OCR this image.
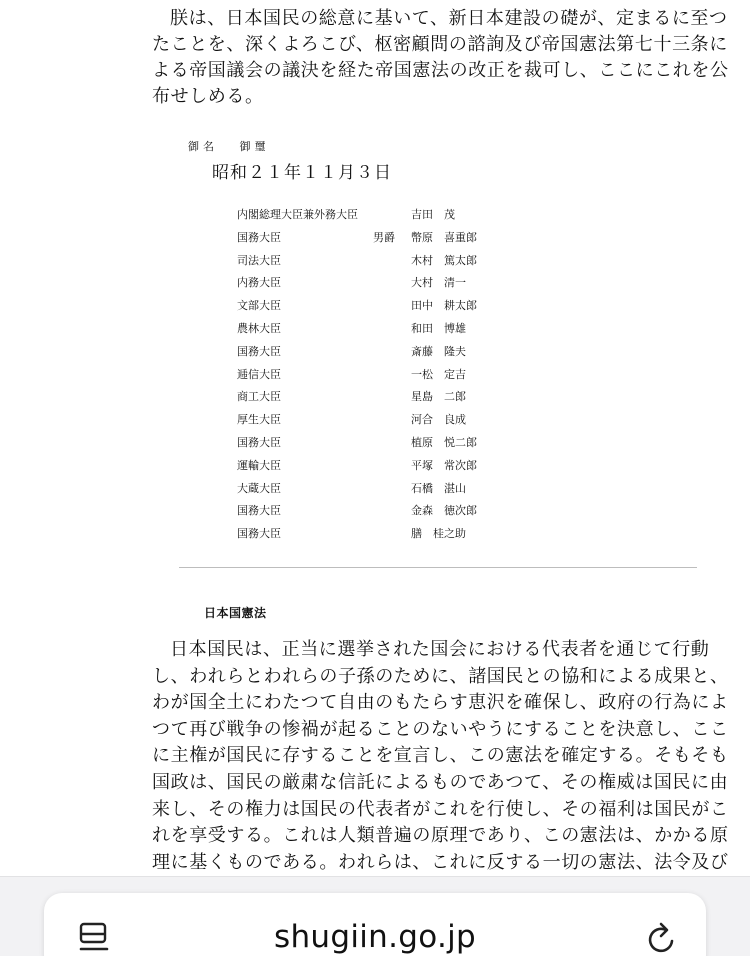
朕は、日本国民の総意に基いて、新日本建設の礎が、定まるに至つたことを、深くよろこび、枢密顧問の諮詢及び帝国憲法第七十三条による帝国議会の議決を経た帝国憲法の改正を裁可し、ここにこれを公布せしめる。

御名 御璽
昭和２１年１１月３日
内閣総理大臣兼外務大臣	吉田　茂
国務大臣	男爵 幣原　喜重郎
司法大臣	木村　篤太郎
内務大臣	大村　清一
文部大臣	田中　耕太郎
農林大臣	和田　博雄
国務大臣	斎藤　隆夫
逓信大臣	一松　定吉
商工大臣	星島　二郎
厚生大臣	河合　良成
国務大臣	植原　悦二郎
運輸大臣	平塚　常次郎
大蔵大臣	石橋　湛山
国務大臣	金森　徳次郎
国務大臣	膳　桂之助
日本国憲法

日本国民は、正当に選挙された国会における代表者を通じて行動し、われらとわれらの子孫のために、諸国民との協和による成果と、わが国全土にわたつて自由のもたらす恵沢を確保し、政府の行為によつて再び戦争の惨禍が起ることのないやうにすることを決意し、ここに主権が国民に存することを宣言し、この憲法を確定する。そもそも国政は、国民の厳粛な信託によるものであつて、その権威は国民に由来し、その権力は国民の代表者がこれを行使し、その福利は国民がこれを享受する。これは人類普遍の原理であり、この憲法は、かかる原理に基くものである。われらは、これに反する一切の憲法、法令及び

shugiin.go.jp
